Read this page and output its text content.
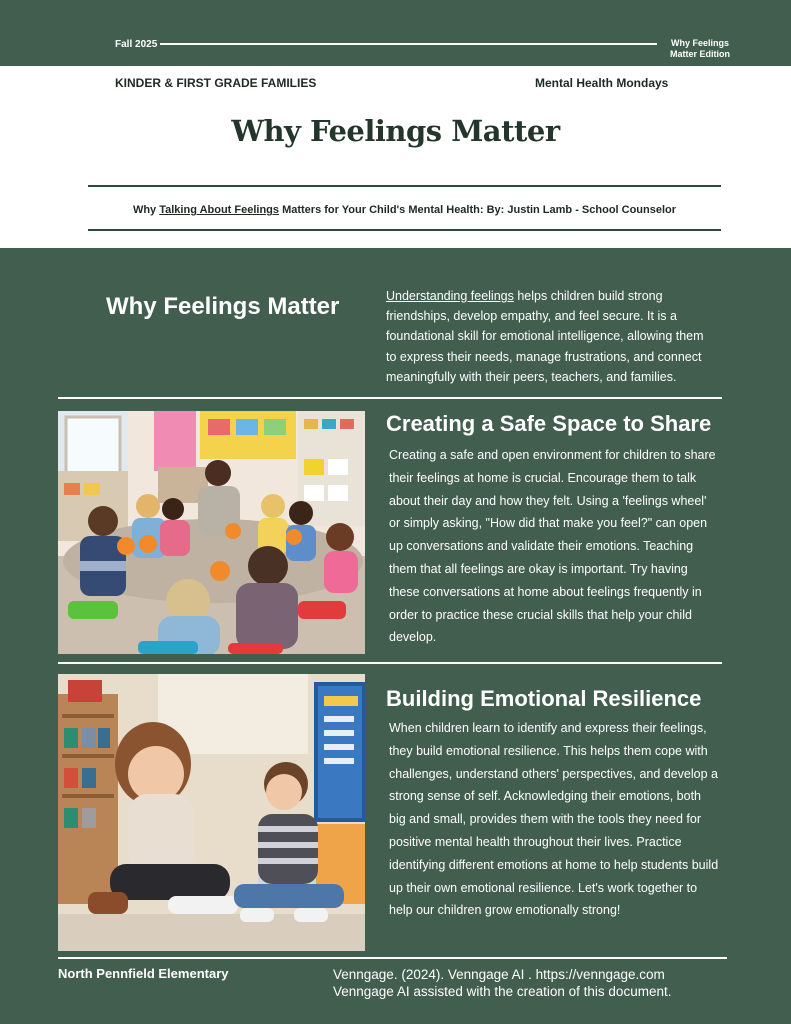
Fall 2025	Why Feelings
Matter Edition
KINDER & FIRST GRADE FAMILIES	Mental Health Mondays
Why Feelings Matter
Why Talking About Feelings Matters for Your Child's Mental Health: By: Justin Lamb - School Counselor
Why Feelings Matter	Understanding feelings helps children build strong friendships, develop empathy, and feel secure. It is a foundational skill for emotional intelligence, allowing them to express their needs, manage frustrations, and connect meaningfully with their peers, teachers, and families.
Creating a Safe Space to Share
Creating a safe and open environment for children to share their feelings at home is crucial. Encourage them to talk about their day and how they felt. Using a 'feelings wheel' or simply asking, "How did that make you feel?" can open up conversations and validate their emotions. Teaching them that all feelings are okay is important. Try having these conversations at home about feelings frequently in order to practice these crucial skills that help your child develop.
Building Emotional Resilience
When children learn to identify and express their feelings, they build emotional resilience. This helps them cope with challenges, understand others' perspectives, and develop a strong sense of self. Acknowledging their emotions, both big and small, provides them with the tools they need for positive mental health throughout their lives. Practice identifying different emotions at home to help students build up their own emotional resilience. Let's work together to help our children grow emotionally strong!
North Pennfield Elementary	Venngage. (2024). Venngage AI . https://venngage.com
Venngage AI assisted with the creation of this document.
